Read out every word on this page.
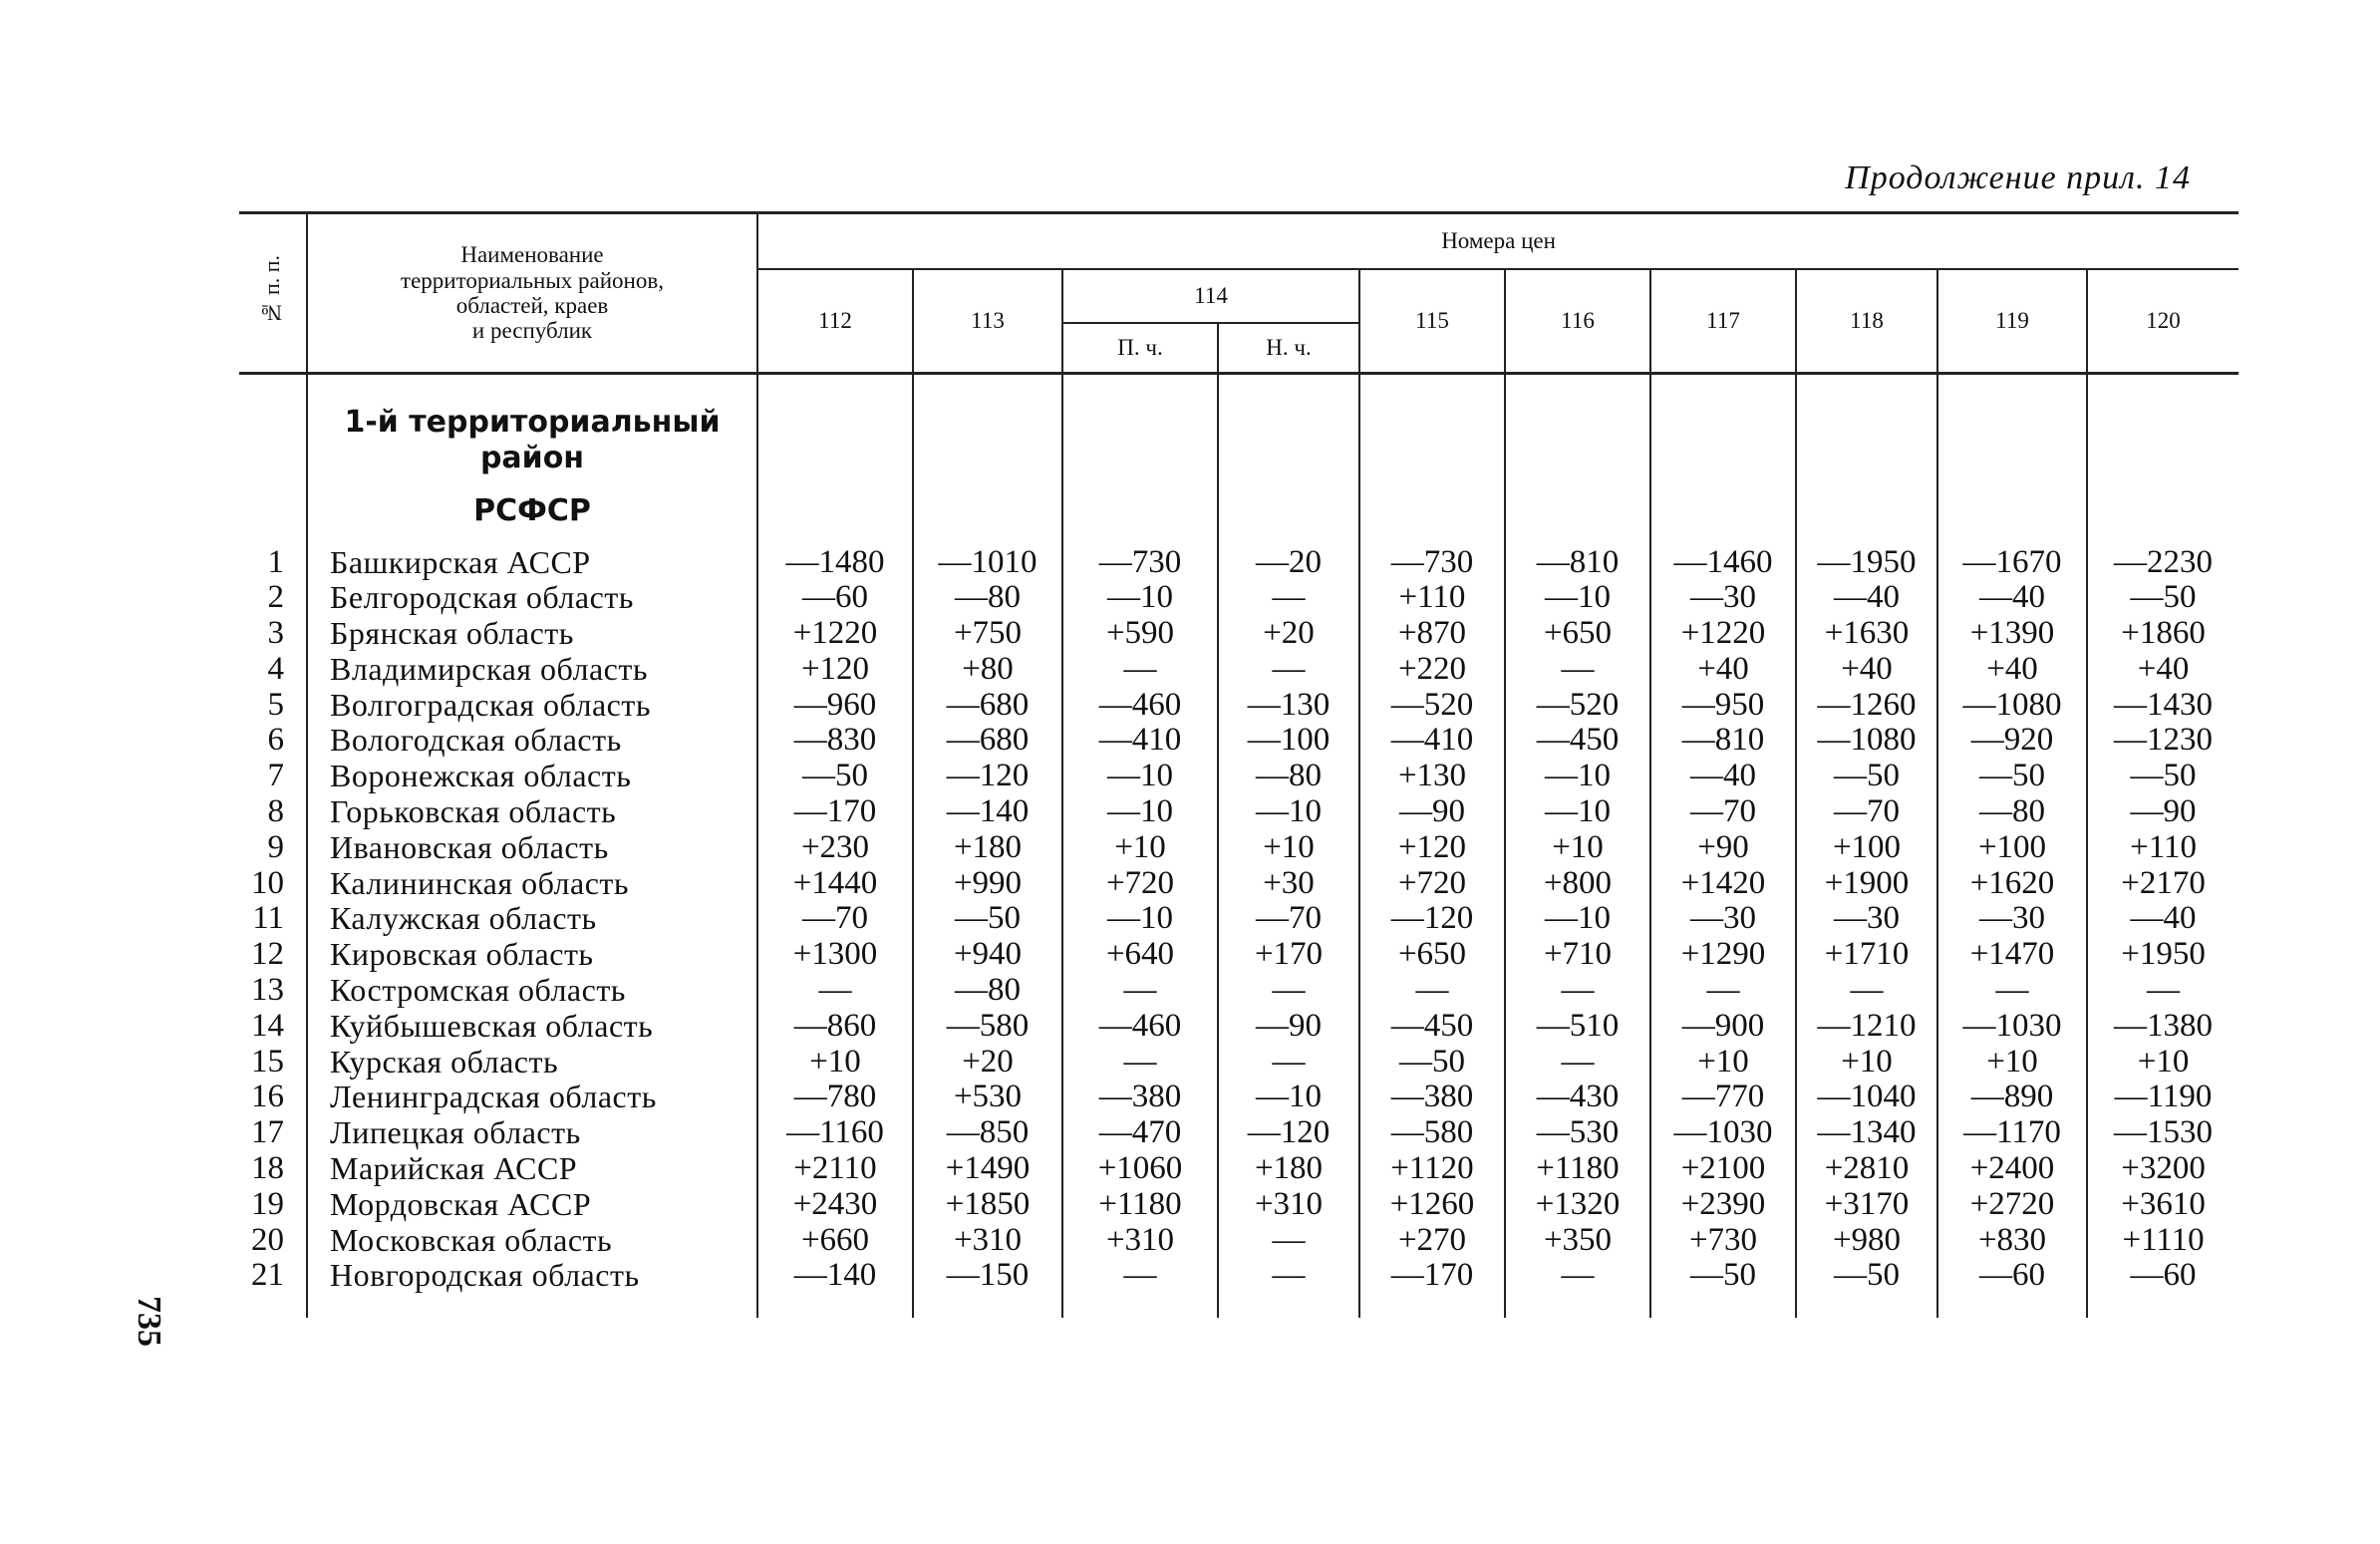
Продолжение прил. 14
735
№ п. п.	Наименование
территориальных районов,
областей, краев
и республик	Номера цен									
		112	113	114		115	116	117	118	119	120
				П. ч.	Н. ч.						

	1-й территориальный
район
РСФСР										

1	Башкирская АССР	—1480	—1010	—730	—20	—730	—810	—1460	—1950	—1670	—2230
2	Белгородская область	—60	—80	—10	—	+110	—10	—30	—40	—40	—50
3	Брянская область	+1220	+750	+590	+20	+870	+650	+1220	+1630	+1390	+1860
4	Владимирская область	+120	+80	—	—	+220	—	+40	+40	+40	+40
5	Волгоградская область	—960	—680	—460	—130	—520	—520	—950	—1260	—1080	—1430
6	Вологодская область	—830	—680	—410	—100	—410	—450	—810	—1080	—920	—1230
7	Воронежская область	—50	—120	—10	—80	+130	—10	—40	—50	—50	—50
8	Горьковская область	—170	—140	—10	—10	—90	—10	—70	—70	—80	—90
9	Ивановская область	+230	+180	+10	+10	+120	+10	+90	+100	+100	+110
10	Калининская область	+1440	+990	+720	+30	+720	+800	+1420	+1900	+1620	+2170
11	Калужская область	—70	—50	—10	—70	—120	—10	—30	—30	—30	—40
12	Кировская область	+1300	+940	+640	+170	+650	+710	+1290	+1710	+1470	+1950
13	Костромская область	—	—80	—	—	—	—	—	—	—	—
14	Куйбышевская область	—860	—580	—460	—90	—450	—510	—900	—1210	—1030	—1380
15	Курская область	+10	+20	—	—	—50	—	+10	+10	+10	+10
16	Ленинградская область	—780	+530	—380	—10	—380	—430	—770	—1040	—890	—1190
17	Липецкая область	—1160	—850	—470	—120	—580	—530	—1030	—1340	—1170	—1530
18	Марийская АССР	+2110	+1490	+1060	+180	+1120	+1180	+2100	+2810	+2400	+3200
19	Мордовская АССР	+2430	+1850	+1180	+310	+1260	+1320	+2390	+3170	+2720	+3610
20	Московская область	+660	+310	+310	—	+270	+350	+730	+980	+830	+1110
21	Новгородская область	—140	—150	—	—	—170	—	—50	—50	—60	—60
